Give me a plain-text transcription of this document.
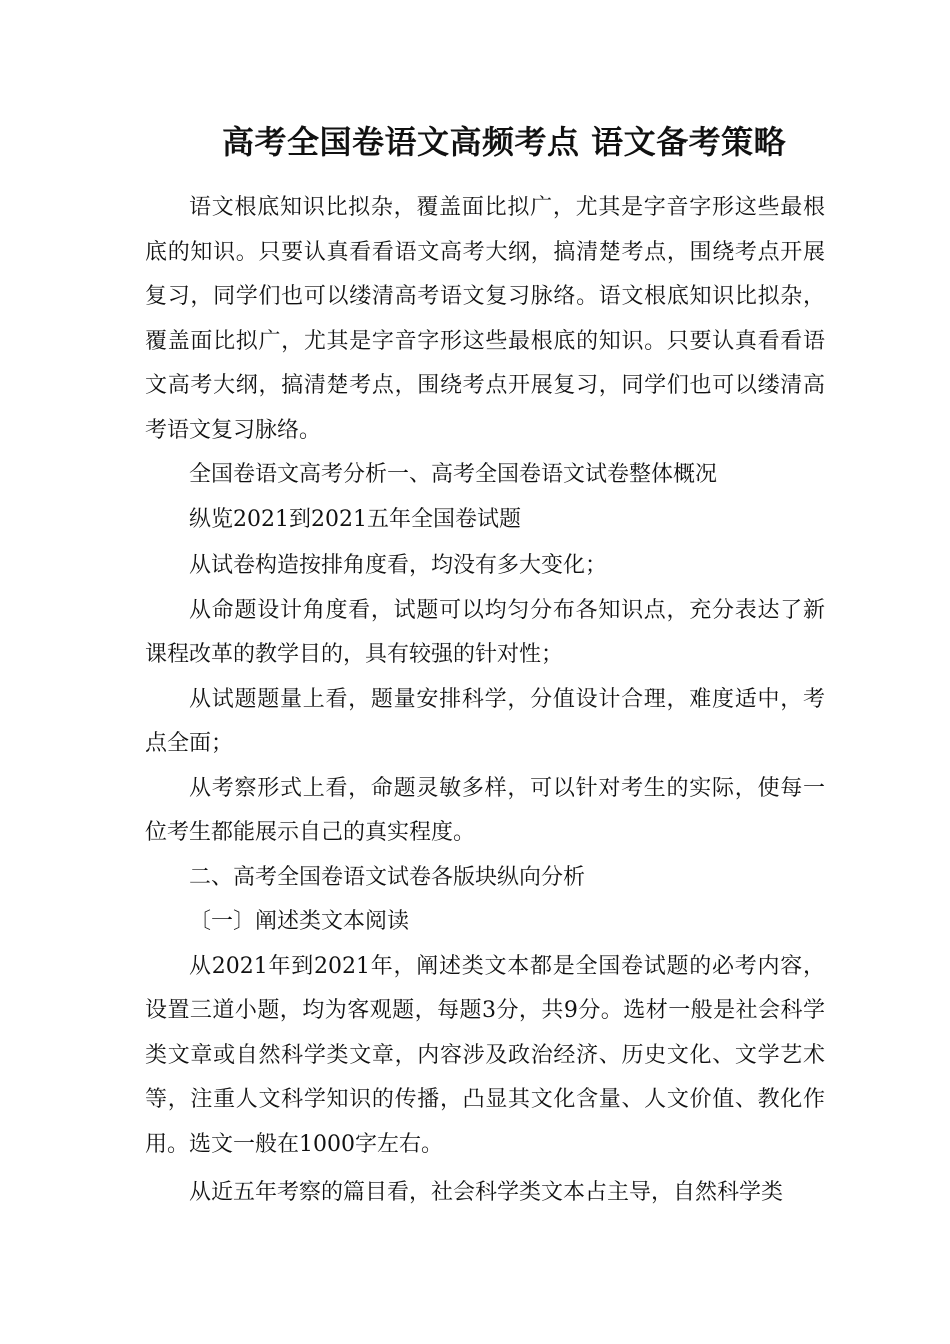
高考全国卷语文高频考点 语文备考策略

语文根底知识比拟杂，覆盖面比拟广，尤其是字音字形这些最根底的知识。只要认真看看语文高考大纲，搞清楚考点，围绕考点开展复习，同学们也可以缕清高考语文复习脉络。语文根底知识比拟杂，覆盖面比拟广，尤其是字音字形这些最根底的知识。只要认真看看语文高考大纲，搞清楚考点，围绕考点开展复习，同学们也可以缕清高考语文复习脉络。

全国卷语文高考分析一、高考全国卷语文试卷整体概况

纵览2021到2021五年全国卷试题

从试卷构造按排角度看，均没有多大变化；

从命题设计角度看，试题可以均匀分布各知识点，充分表达了新课程改革的教学目的，具有较强的针对性；

从试题题量上看，题量安排科学，分值设计合理，难度适中，考点全面；

从考察形式上看，命题灵敏多样，可以针对考生的实际，使每一位考生都能展示自己的真实程度。

二、高考全国卷语文试卷各版块纵向分析

〔一〕阐述类文本阅读

从2021年到2021年，阐述类文本都是全国卷试题的必考内容，设置三道小题，均为客观题，每题3分，共9分。选材一般是社会科学类文章或自然科学类文章，内容涉及政治经济、历史文化、文学艺术等，注重人文科学知识的传播，凸显其文化含量、人文价值、教化作用。选文一般在1000字左右。

从近五年考察的篇目看，社会科学类文本占主导，自然科学类
